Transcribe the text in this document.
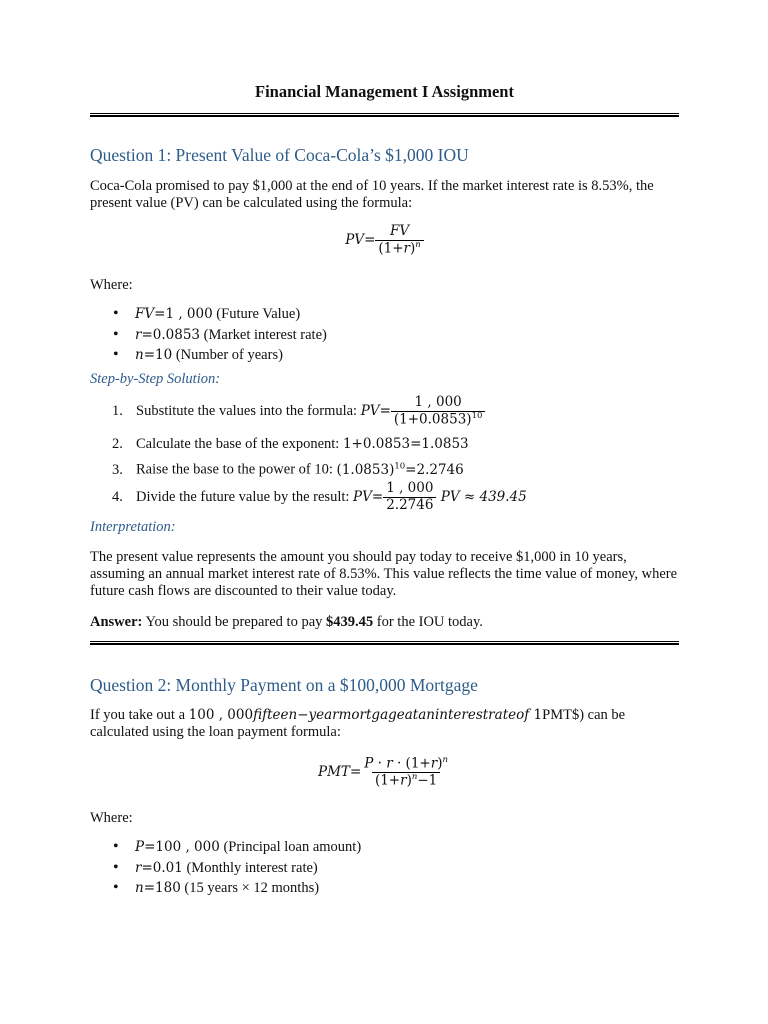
Financial Management I Assignment
Question 1: Present Value of Coca-Cola’s $1,000 IOU
Coca-Cola promised to pay $1,000 at the end of 10 years. If the market interest rate is 8.53%, the present value (PV) can be calculated using the formula:
$PV= \frac{FV}{(1+r)^n}$
Where:
• FV=1 , 000 (Future Value)
• r=0.0853 (Market interest rate)
• n=10 (Number of years)
Step-by-Step Solution:
1. Substitute the values into the formula: $PV= \frac{1 , 000}{(1+0.0853)^{10}}$
2. Calculate the base of the exponent: 1+0.0853=1.0853
3. Raise the base to the power of 10: $(1.0853)^{10}=2.2746$
4. Divide the future value by the result: $PV= \frac{1 , 000}{2.2746}$ PV ≈ 439.45
Interpretation:
The present value represents the amount you should pay today to receive $1,000 in 10 years, assuming an annual market interest rate of 8.53%. This value reflects the time value of money, where future cash flows are discounted to their value today.
Answer: You should be prepared to pay $439.45 for the IOU today.
Question 2: Monthly Payment on a $100,000 Mortgage
If you take out a 100 , 000fifteen−yearmortgageataninterestrateof 1PMT$) can be calculated using the loan payment formula:
$PMT= \frac{P \cdot r \cdot (1+r)^n}{(1+r)^n-1}$
Where:
• P=100 , 000 (Principal loan amount)
• r=0.01 (Monthly interest rate)
• n=180 (15 years × 12 months)
